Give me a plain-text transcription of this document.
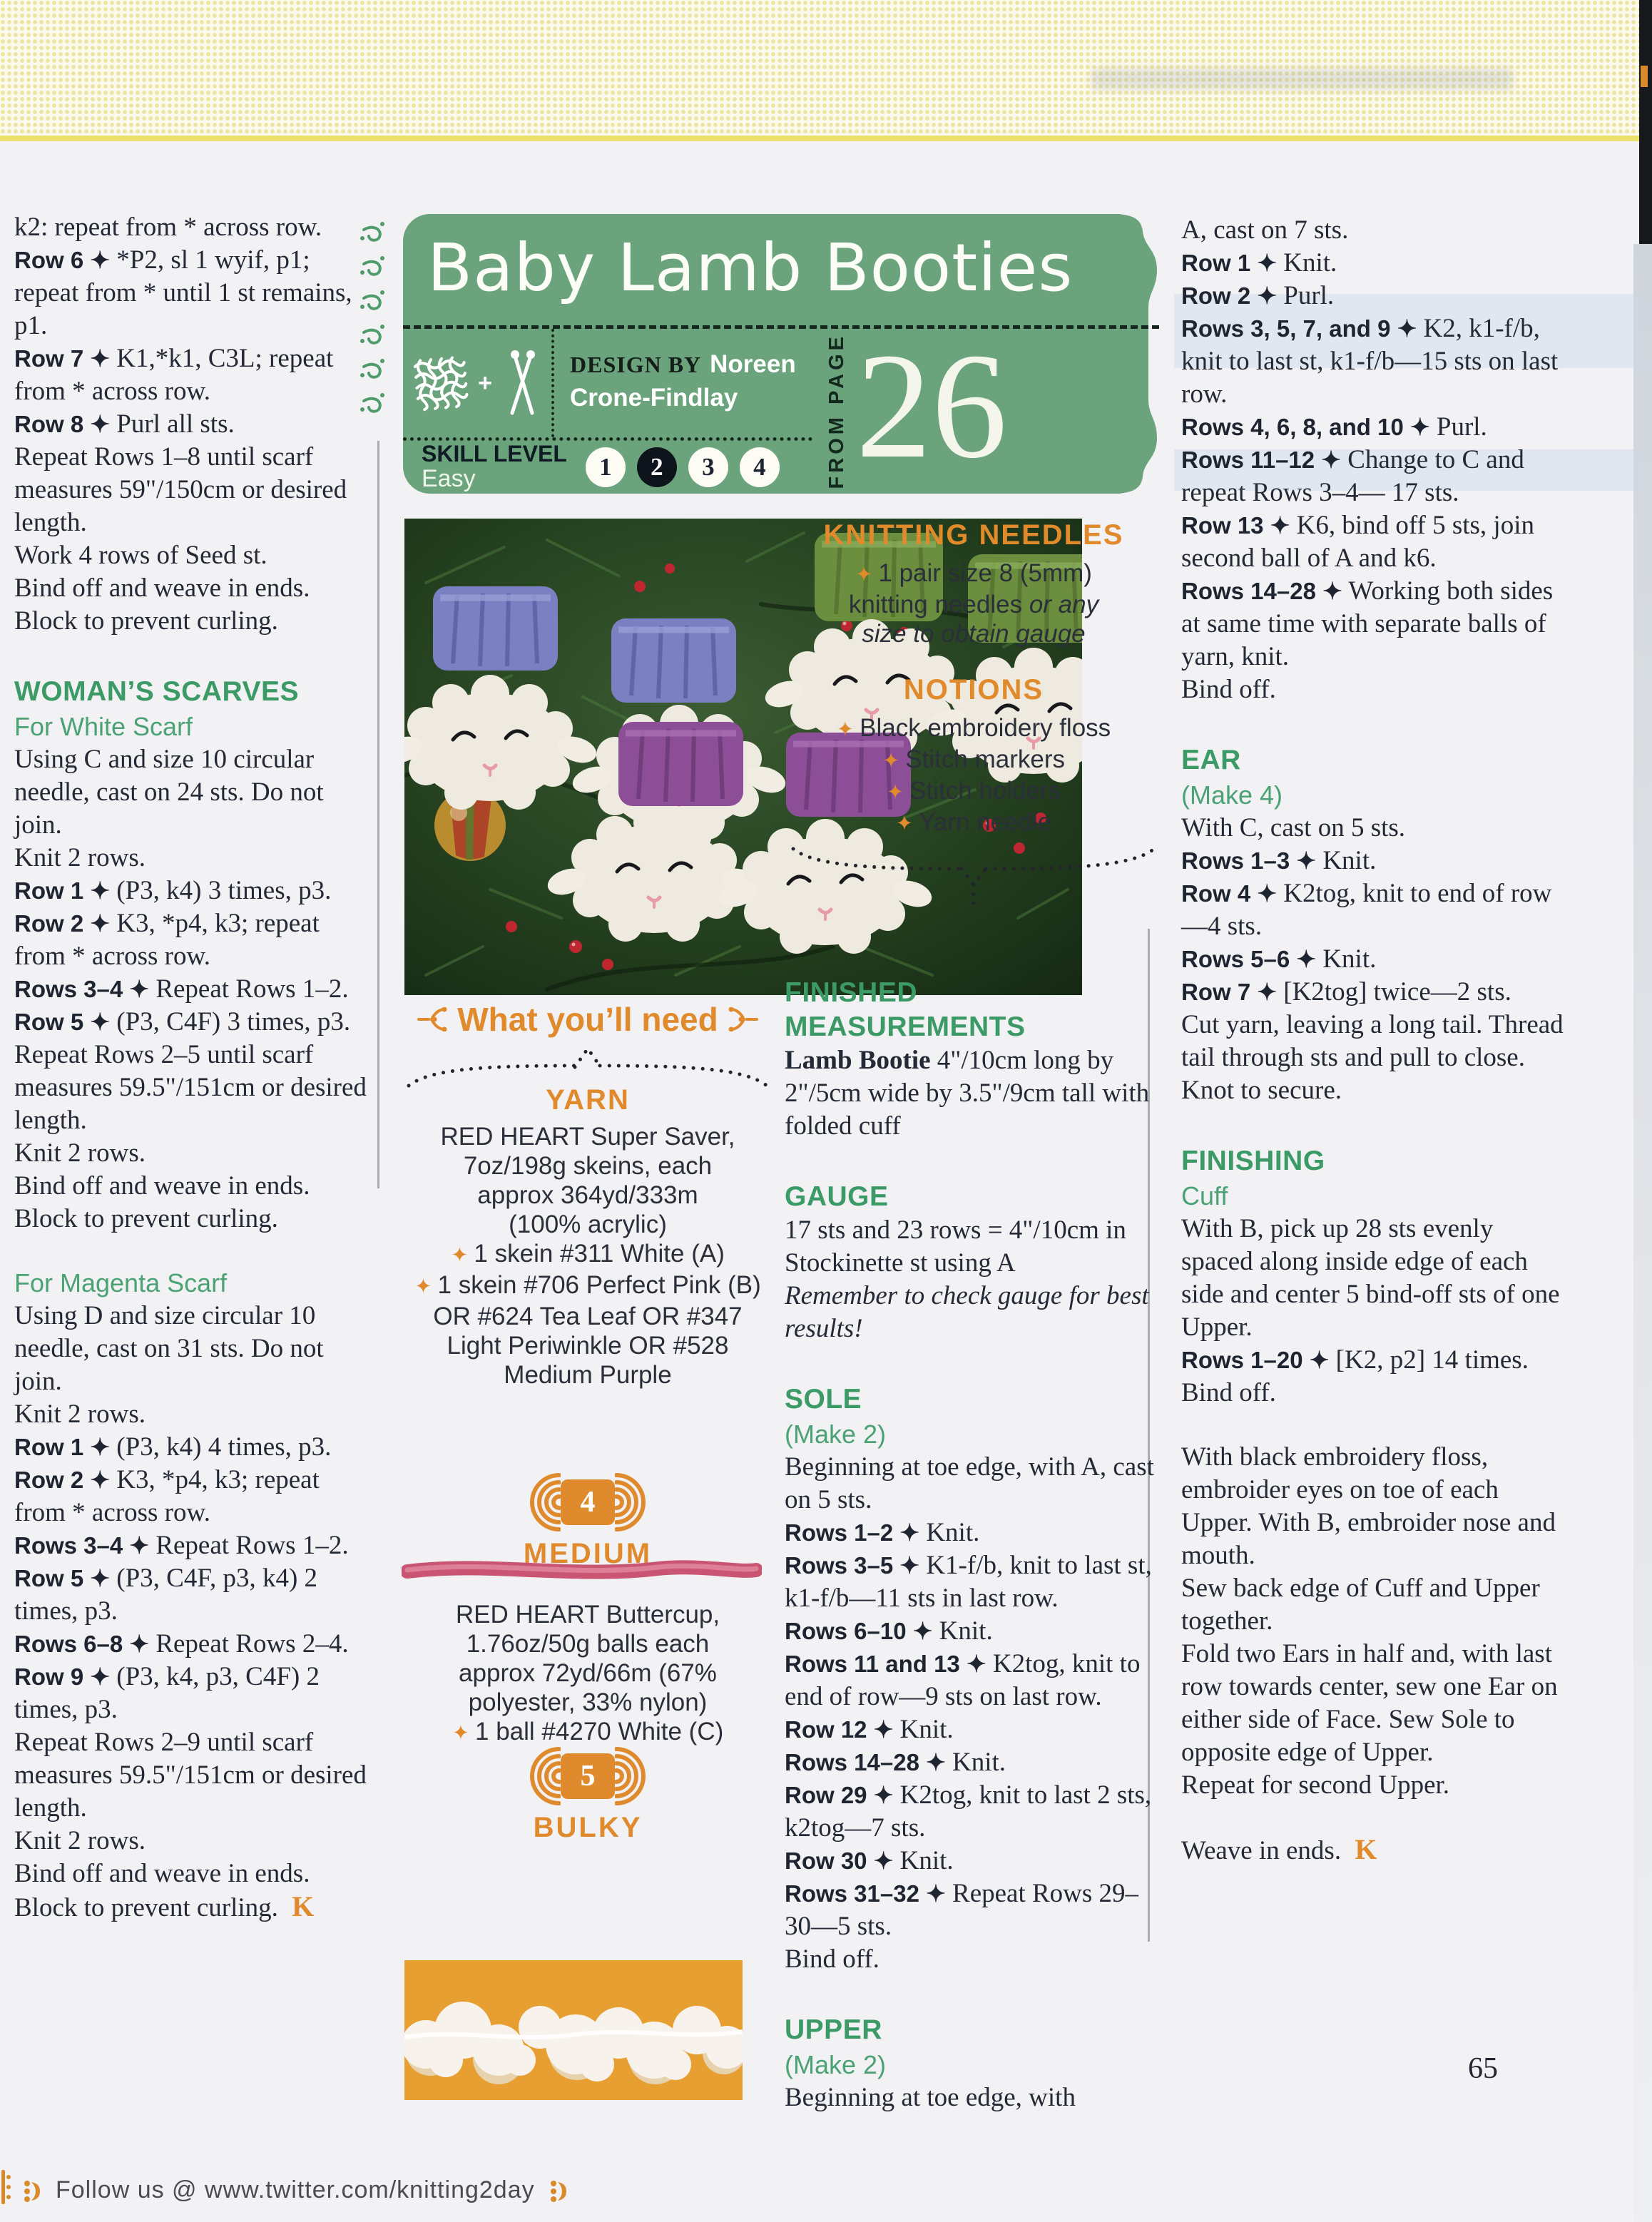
k2: repeat from * across row.
Row 6 ✦ *P2, sl 1 wyif, p1; repeat from * until 1 st remains, p1.
Row 7 ✦ K1,*k1, C3L; repeat from * across row.
Row 8 ✦ Purl all sts.
Repeat Rows 1–8 until scarf measures 59"/150cm or desired length.
Work 4 rows of Seed st.
Bind off and weave in ends.
Block to prevent curling.
WOMAN’S SCARVES
For White Scarf
Using C and size 10 circular needle, cast on 24 sts. Do not join.
Knit 2 rows.
Row 1 ✦ (P3, k4) 3 times, p3.
Row 2 ✦ K3, *p4, k3; repeat from * across row.
Rows 3–4 ✦ Repeat Rows 1–2.
Row 5 ✦ (P3, C4F) 3 times, p3.
Repeat Rows 2–5 until scarf measures 59.5"/151cm or desired length.
Knit 2 rows.
Bind off and weave in ends.
Block to prevent curling.
For Magenta Scarf
Using D and size circular 10 needle, cast on 31 sts. Do not join.
Knit 2 rows.
Row 1 ✦ (P3, k4) 4 times, p3.
Row 2 ✦ K3, *p4, k3; repeat from * across row.
Rows 3–4 ✦ Repeat Rows 1–2.
Row 5 ✦ (P3, C4F, p3, k4) 2 times, p3.
Rows 6–8 ✦ Repeat Rows 2–4.
Row 9 ✦ (P3, k4, p3, C4F) 2 times, p3.
Repeat Rows 2–9 until scarf measures 59.5"/151cm or desired length.
Knit 2 rows.
Bind off and weave in ends.
Block to prevent curling. K
Baby Lamb Booties
+
DESIGN BY Noreen Crone-Findlay
SKILL LEVEL
Easy	1 2 3 4	FROM PAGE 26
What you’ll need
YARN
RED HEART Super Saver,
7oz/198g skeins, each
approx 364yd/333m
(100% acrylic)
✦ 1 skein #311 White (A)
✦ 1 skein #706 Perfect Pink (B)
OR #624 Tea Leaf OR #347
Light Periwinkle OR #528
Medium Purple
4
MEDIUM
RED HEART Buttercup,
1.76oz/50g balls each
approx 72yd/66m (67%
polyester, 33% nylon)
✦ 1 ball #4270 White (C)
5
BULKY
KNITTING NEEDLES
✦ 1 pair size 8 (5mm)
knitting needles or any
size to obtain gauge
NOTIONS
✦ Black embroidery floss
✦ Stitch markers
✦ Stitch holders
✦ Yarn needle
FINISHED MEASUREMENTS
Lamb Bootie 4"/10cm long by 2"/5cm wide by 3.5"/9cm tall with folded cuff
GAUGE
17 sts and 23 rows = 4"/10cm in Stockinette st using A
Remember to check gauge for best results!
SOLE
(Make 2)
Beginning at toe edge, with A, cast on 5 sts.
Rows 1–2 ✦ Knit.
Rows 3–5 ✦ K1-f/b, knit to last st, k1-f/b—11 sts in last row.
Rows 6–10 ✦ Knit.
Rows 11 and 13 ✦ K2tog, knit to end of row—9 sts on last row.
Row 12 ✦ Knit.
Rows 14–28 ✦ Knit.
Row 29 ✦ K2tog, knit to last 2 sts, k2tog—7 sts.
Row 30 ✦ Knit.
Rows 31–32 ✦ Repeat Rows 29–30—5 sts.
Bind off.
UPPER
(Make 2)
Beginning at toe edge, with
A, cast on 7 sts.
Row 1 ✦ Knit.
Row 2 ✦ Purl.
Rows 3, 5, 7, and 9 ✦ K2, k1-f/b, knit to last st, k1-f/b—15 sts on last row.
Rows 4, 6, 8, and 10 ✦ Purl.
Rows 11–12 ✦ Change to C and repeat Rows 3–4— 17 sts.
Row 13 ✦ K6, bind off 5 sts, join second ball of A and k6.
Rows 14–28 ✦ Working both sides at same time with separate balls of yarn, knit.
Bind off.
EAR
(Make 4)
With C, cast on 5 sts.
Rows 1–3 ✦ Knit.
Row 4 ✦ K2tog, knit to end of row—4 sts.
Rows 5–6 ✦ Knit.
Row 7 ✦ [K2tog] twice—2 sts.
Cut yarn, leaving a long tail. Thread tail through sts and pull to close. Knot to secure.
FINISHING
Cuff
With B, pick up 28 sts evenly spaced along inside edge of each side and center 5 bind-off sts of one Upper.
Rows 1–20 ✦ [K2, p2] 14 times.
Bind off.
With black embroidery floss, embroider eyes on toe of each Upper. With B, embroider nose and mouth.
Sew back edge of Cuff and Upper together.
Fold two Ears in half and, with last row towards center, sew one Ear on either side of Face. Sew Sole to opposite edge of Upper.
Repeat for second Upper.
Weave in ends. K
65
Follow us @ www.twitter.com/knitting2day
